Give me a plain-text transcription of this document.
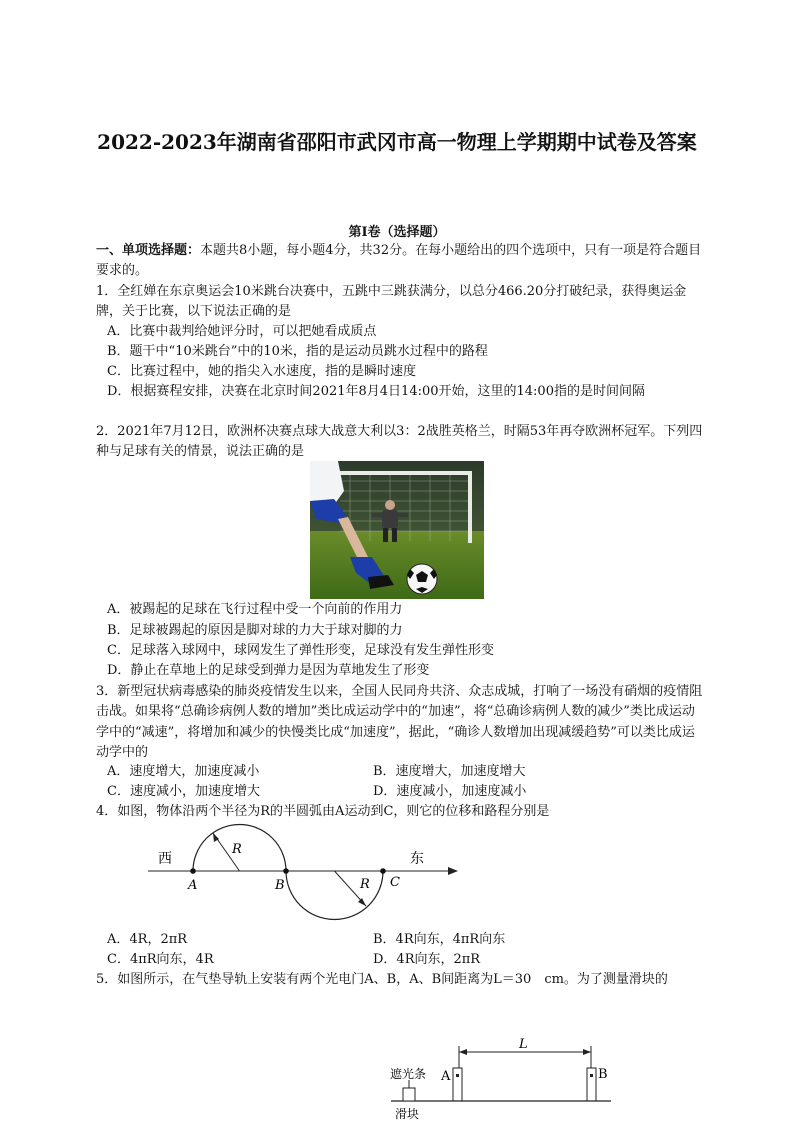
2022-2023年湖南省邵阳市武冈市高一物理上学期期中试卷及答案
第Ⅰ卷（选择题）

一、单项选择题：本题共8小题，每小题4分，共32分。在每小题给出的四个选项中，只有一项是符合题目要求的。

1．全红婵在东京奥运会10米跳台决赛中，五跳中三跳获满分，以总分466.20分打破纪录，获得奥运金牌，关于比赛，以下说法正确的是

A．比赛中裁判给她评分时，可以把她看成质点

B．题干中“10米跳台”中的10米，指的是运动员跳水过程中的路程

C．比赛过程中，她的指尖入水速度，指的是瞬时速度

D．根据赛程安排，决赛在北京时间2021年8月4日14:00开始，这里的14:00指的是时间间隔

2．2021年7月12日，欧洲杯决赛点球大战意大利以3：2战胜英格兰，时隔53年再夺欧洲杯冠军。下列四种与足球有关的情景，说法正确的是

A．被踢起的足球在飞行过程中受一个向前的作用力

B．足球被踢起的原因是脚对球的力大于球对脚的力

C．足球落入球网中，球网发生了弹性形变，足球没有发生弹性形变

D．静止在草地上的足球受到弹力是因为草地发生了形变

3．新型冠状病毒感染的肺炎疫情发生以来，全国人民同舟共济、众志成城，打响了一场没有硝烟的疫情阻击战。如果将“总确诊病例人数的增加”类比成运动学中的“加速”，将“总确诊病例人数的减少”类比成运动学中的“减速”，将增加和减少的快慢类比成“加速度”，据此，“确诊人数增加出现减缓趋势”可以类比成运动学中的

A．速度增大，加速度减小	B．速度增大，加速度增大
C．速度减小，加速度增大	D．速度减小，加速度减小

4．如图，物体沿两个半径为R的半圆弧由A运动到C，则它的位移和路程分别是

西	东
A	B	C
R
R
A．4R，2πR	B．4R向东，4πR向东
C．4πR向东，4R	D．4R向东，2πR

5．如图所示，在气垫导轨上安装有两个光电门A、B，A、B间距离为L＝30　cm。为了测量滑块的

L
遮光条
滑块
A	B
